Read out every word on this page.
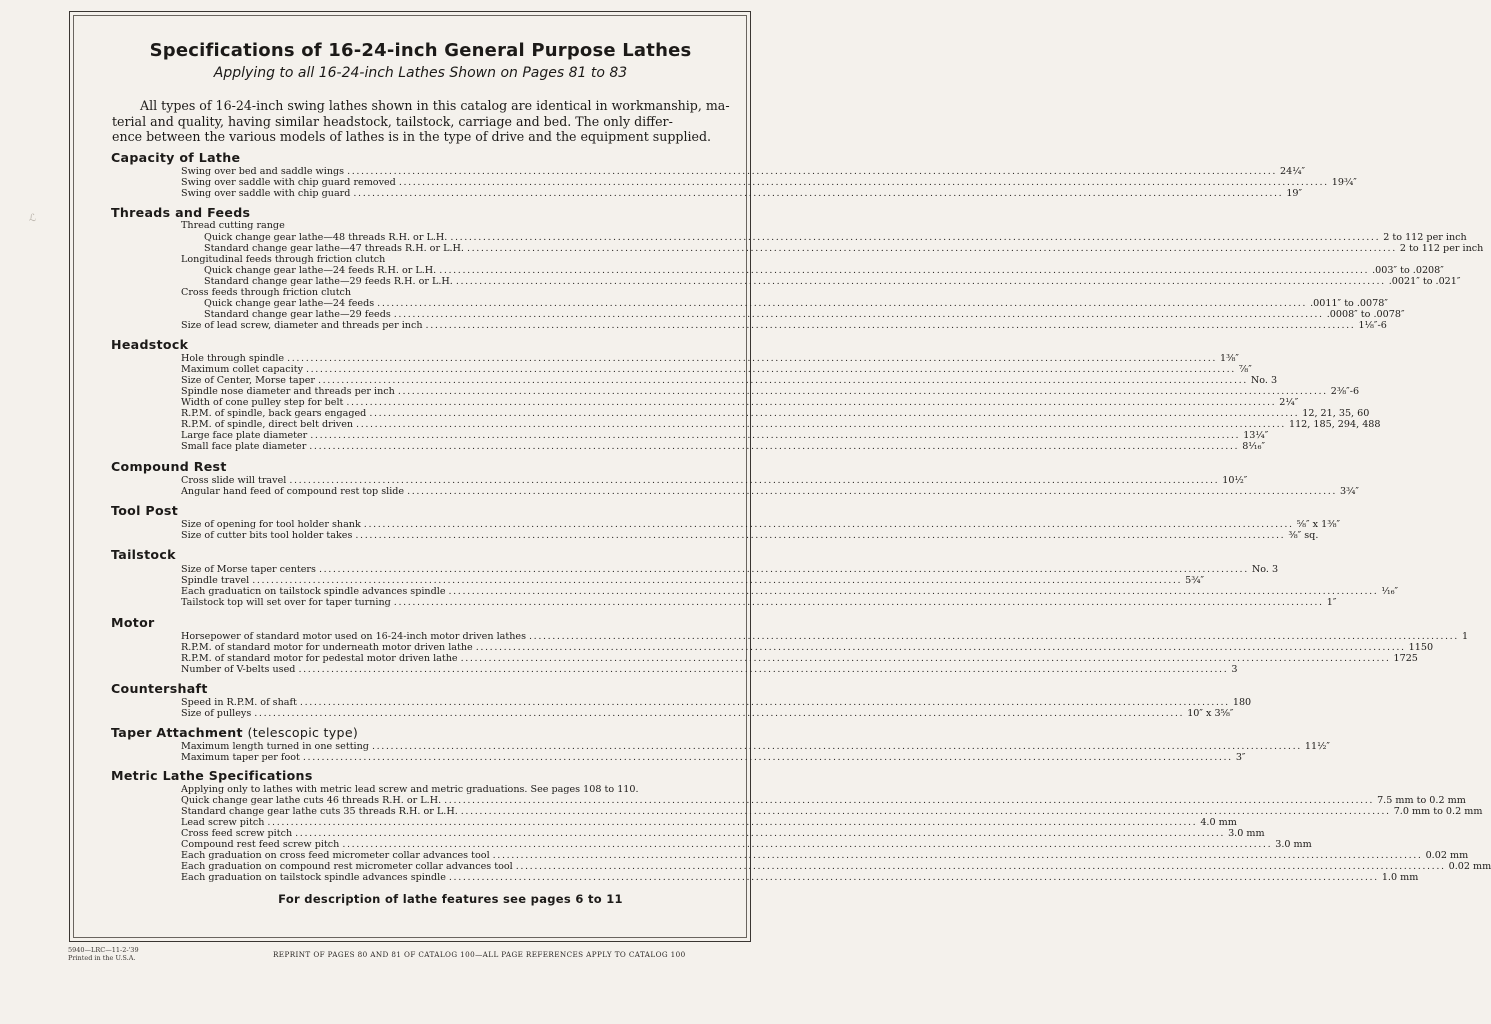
ℒ
Specifications of 16-24-inch General Purpose Lathes
Applying to all 16-24-inch Lathes Shown on Pages 81 to 83
All types of 16-24-inch swing lathes shown in this catalog are identical in workmanship, ma-
terial and quality, having similar headstock, tailstock, carriage and bed. The only differ-
ence between the various models of lathes is in the type of drive and the equipment supplied.
Capacity of Lathe
Swing over bed and saddle wings ........................................................................................................................................................................................................ 24¼″
Swing over saddle with chip guard removed ........................................................................................................................................................................................................ 19¾″
Swing over saddle with chip guard ........................................................................................................................................................................................................ 19″
Threads and Feeds
Thread cutting range
Quick change gear lathe—48 threads R.H. or L.H. ........................................................................................................................................................................................................ 2 to 112 per inch
Standard change gear lathe—47 threads R.H. or L.H. ........................................................................................................................................................................................................ 2 to 112 per inch
Longitudinal feeds through friction clutch
Quick change gear lathe—24 feeds R.H. or L.H. ........................................................................................................................................................................................................ .003″ to .0208″
Standard change gear lathe—29 feeds R.H. or L.H. ........................................................................................................................................................................................................ .0021″ to .021″
Cross feeds through friction clutch
Quick change gear lathe—24 feeds ........................................................................................................................................................................................................ .0011″ to .0078″
Standard change gear lathe—29 feeds ........................................................................................................................................................................................................ .0008″ to .0078″
Size of lead screw, diameter and threads per inch ........................................................................................................................................................................................................ 1⅛″-6
Headstock
Hole through spindle ........................................................................................................................................................................................................ 1⅜″
Maximum collet capacity ........................................................................................................................................................................................................ ⅞″
Size of Center, Morse taper ........................................................................................................................................................................................................ No. 3
Spindle nose diameter and threads per inch ........................................................................................................................................................................................................ 2⅜″-6
Width of cone pulley step for belt ........................................................................................................................................................................................................ 2¼″
R.P.M. of spindle, back gears engaged ........................................................................................................................................................................................................ 12, 21, 35, 60
R.P.M. of spindle, direct belt driven ........................................................................................................................................................................................................ 112, 185, 294, 488
Large face plate diameter ........................................................................................................................................................................................................ 13¼″
Small face plate diameter ........................................................................................................................................................................................................ 8¹⁄₁₆″
Compound Rest
Cross slide will travel ........................................................................................................................................................................................................ 10½″
Angular hand feed of compound rest top slide ........................................................................................................................................................................................................ 3¾″
Tool Post
Size of opening for tool holder shank ........................................................................................................................................................................................................ ⅝″ x 1⅜″
Size of cutter bits tool holder takes ........................................................................................................................................................................................................ ⅜″ sq.
Tailstock
Size of Morse taper centers ........................................................................................................................................................................................................ No. 3
Spindle travel ........................................................................................................................................................................................................ 5¾″
Each graduaticn on tailstock spindle advances spindle ........................................................................................................................................................................................................ ¹⁄₁₆″
Tailstock top will set over for taper turning ........................................................................................................................................................................................................ 1″
Motor
Horsepower of standard motor used on 16-24-inch motor driven lathes ........................................................................................................................................................................................................ 1
R.P.M. of standard motor for underneath motor driven lathe ........................................................................................................................................................................................................ 1150
R.P.M. of standard motor for pedestal motor driven lathe ........................................................................................................................................................................................................ 1725
Number of V-belts used ........................................................................................................................................................................................................ 3
Countershaft
Speed in R.P.M. of shaft ........................................................................................................................................................................................................ 180
Size of pulleys ........................................................................................................................................................................................................ 10″ x 3⅝″
Taper Attachment (telescopic type)
Maximum length turned in one setting ........................................................................................................................................................................................................ 11½″
Maximum taper per foot ........................................................................................................................................................................................................ 3″
Metric Lathe Specifications
Applying only to lathes with metric lead screw and metric graduations. See pages 108 to 110.
Quick change gear lathe cuts 46 threads R.H. or L.H. ........................................................................................................................................................................................................ 7.5 mm to 0.2 mm
Standard change gear lathe cuts 35 threads R.H. or L.H. ........................................................................................................................................................................................................ 7.0 mm to 0.2 mm
Lead screw pitch ........................................................................................................................................................................................................ 4.0 mm
Cross feed screw pitch ........................................................................................................................................................................................................ 3.0 mm
Compound rest feed screw pitch ........................................................................................................................................................................................................ 3.0 mm
Each graduation on cross feed micrometer collar advances tool ........................................................................................................................................................................................................ 0.02 mm
Each graduation on compound rest micrometer collar advances tool ........................................................................................................................................................................................................ 0.02 mm
Each graduation on tailstock spindle advances spindle ........................................................................................................................................................................................................ 1.0 mm
For description of lathe features see pages 6 to 11
5940—LRC—11-2-'39
Printed in the U.S.A.	REPRINT OF PAGES 80 AND 81 OF CATALOG 100—ALL PAGE REFERENCES APPLY TO CATALOG 100
